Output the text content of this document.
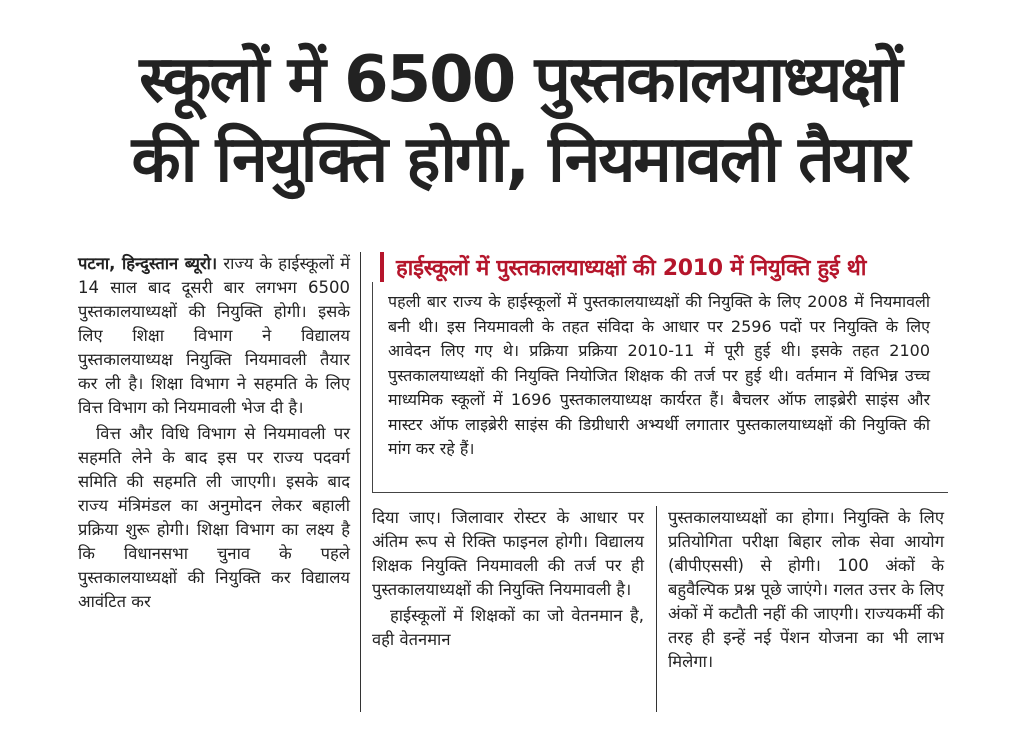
स्कूलों में 6500 पुस्तकालयाध्यक्षों
की नियुक्ति होगी, नियमावली तैयार

पटना, हिन्दुस्तान ब्यूरो। राज्य के हाईस्कूलों में 14 साल बाद दूसरी बार लगभग 6500 पुस्तकालयाध्यक्षों की नियुक्ति होगी। इसके लिए शिक्षा विभाग ने विद्यालय पुस्तकालयाध्यक्ष नियुक्ति नियमावली तैयार कर ली है। शिक्षा विभाग ने सहमति के लिए वित्त विभाग को नियमावली भेज दी है।

वित्त और विधि विभाग से नियमावली पर सहमति लेने के बाद इस पर राज्य पदवर्ग समिति की सहमति ली जाएगी। इसके बाद राज्य मंत्रिमंडल का अनुमोदन लेकर बहाली प्रक्रिया शुरू होगी। शिक्षा विभाग का लक्ष्य है कि विधानसभा चुनाव के पहले पुस्तकालयाध्यक्षों की नियुक्ति कर विद्यालय आवंटित कर

हाईस्कूलों में पुस्तकालयाध्यक्षों की 2010 में नियुक्ति हुई थी
पहली बार राज्य के हाईस्कूलों में पुस्तकालयाध्यक्षों की नियुक्ति के लिए 2008 में नियमावली बनी थी। इस नियमावली के तहत संविदा के आधार पर 2596 पदों पर नियुक्ति के लिए आवेदन लिए गए थे। प्रक्रिया प्रक्रिया 2010-11 में पूरी हुई थी। इसके तहत 2100 पुस्तकालयाध्यक्षों की नियुक्ति नियोजित शिक्षक की तर्ज पर हुई थी। वर्तमान में विभिन्न उच्च माध्यमिक स्कूलों में 1696 पुस्तकालयाध्यक्ष कार्यरत हैं। बैचलर ऑफ लाइब्रेरी साइंस और मास्टर ऑफ लाइब्रेरी साइंस की डिग्रीधारी अभ्यर्थी लगातार पुस्तकालयाध्यक्षों की नियुक्ति की मांग कर रहे हैं।

दिया जाए। जिलावार रोस्टर के आधार पर अंतिम रूप से रिक्ति फाइनल होगी। विद्यालय शिक्षक नियुक्ति नियमावली की तर्ज पर ही पुस्तकालयाध्यक्षों की नियुक्ति नियमावली है।

हाईस्कूलों में शिक्षकों का जो वेतनमान है, वही वेतनमान

पुस्तकालयाध्यक्षों का होगा। नियुक्ति के लिए प्रतियोगिता परीक्षा बिहार लोक सेवा आयोग (बीपीएससी) से होगी। 100 अंकों के बहुवैल्पिक प्रश्न पूछे जाएंगे। गलत उत्तर के लिए अंकों में कटौती नहीं की जाएगी। राज्यकर्मी की तरह ही इन्हें नई पेंशन योजना का भी लाभ मिलेगा।
